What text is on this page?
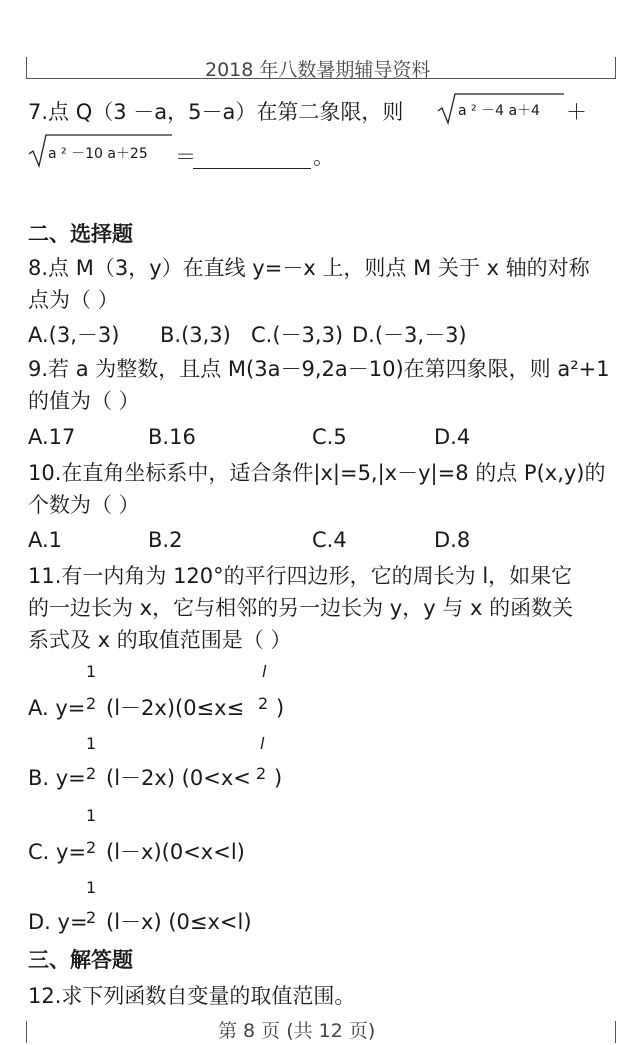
2018 年八数暑期辅导资料
7.点 Q（3 －a，5－a）在第二象限，则	a ² －4 a＋4 ＋
a ² －10 a＋25 ＝	。
二、选择题
8.点 M（3，y）在直线 y=－x 上，则点 M 关于 x 轴的对称
点为（ ）
A.(3,－3) B.(3,3) C.(－3,3) D.(－3,－3)
9.若 a 为整数，且点 M(3a－9,2a－10)在第四象限，则 a²+1
的值为（ ）
A.17	B.16	C.5	D.4
10.在直角坐标系中，适合条件|x|=5,|x－y|=8 的点 P(x,y)的
个数为（ ）
A.1	B.2	C.4	D.8
11.有一内角为 120°的平行四边形，它的周长为 l，如果它
的一边长为 x，它与相邻的另一边长为 y，y 与 x 的函数关
系式及 x 的取值范围是（ ）
A. y=
1
2 (l－2x)(0≤x≤
l
2 )
B. y=
1
2 (l－2x) (0<x<
l
2 )
C. y=
1
2 (l－x)(0<x<l)
D. y=
1
2 (l－x) (0≤x<l)
三、解答题
12.求下列函数自变量的取值范围。
第 8 页 (共 12 页)
